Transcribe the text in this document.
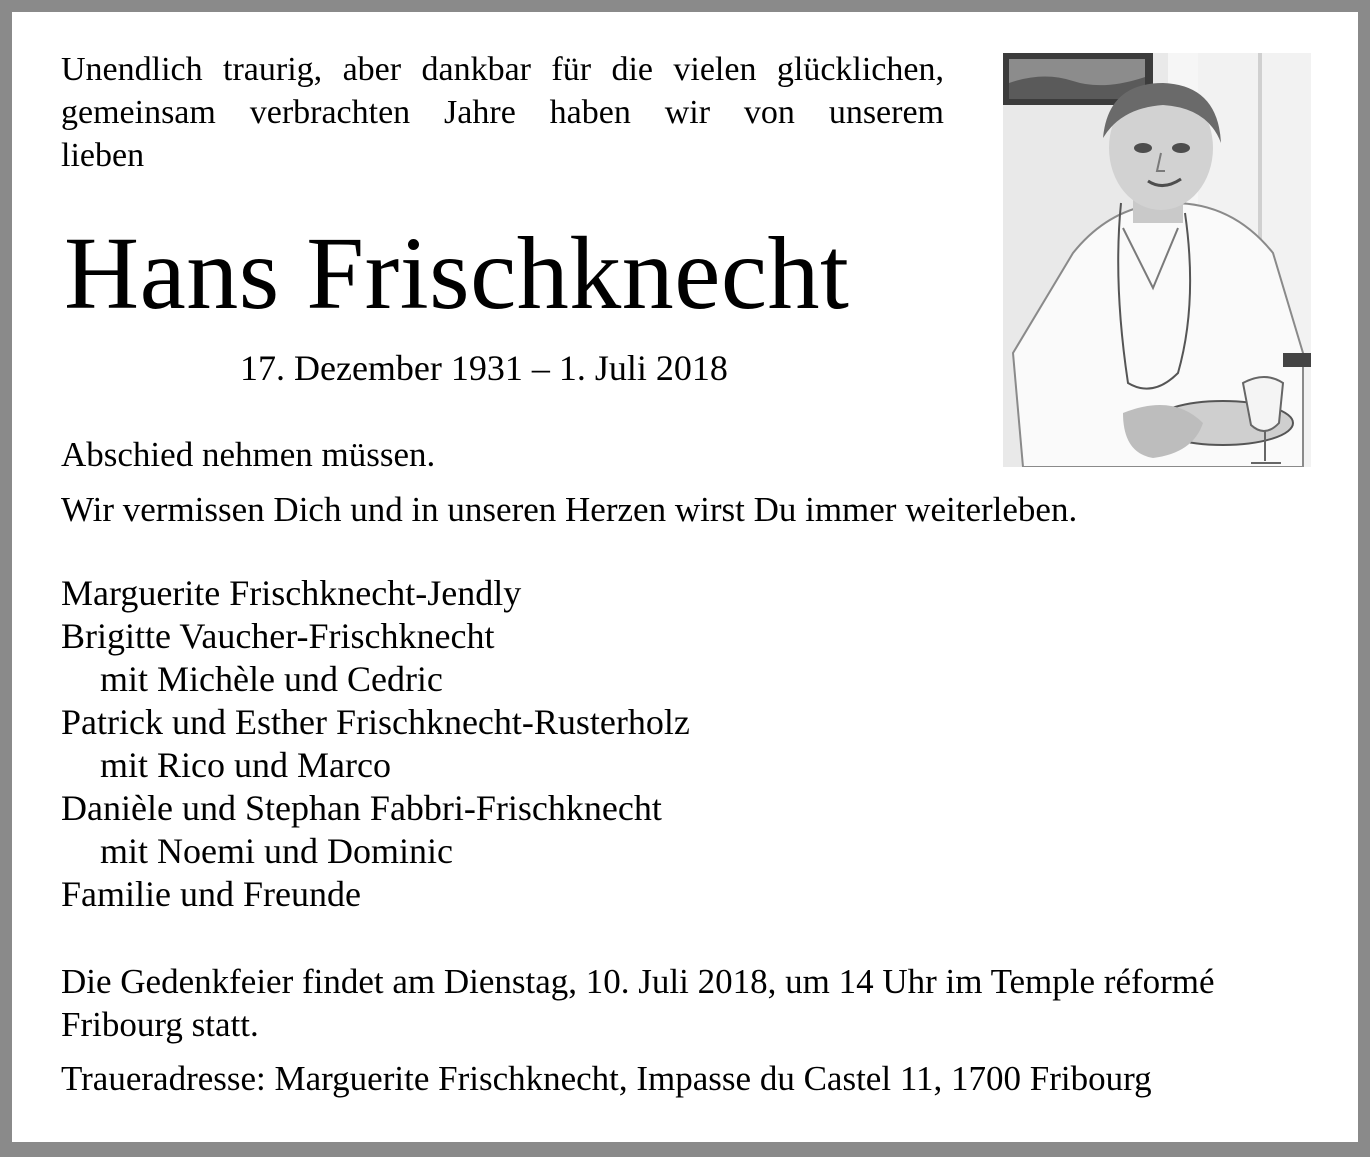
Unendlich traurig, aber dankbar für die vielen glücklichen,
gemeinsam verbrachten Jahre haben wir von unserem
lieben
Hans Frischknecht
17. Dezember 1931 – 1. Juli 2018
Abschied nehmen müssen.
Wir vermissen Dich und in unseren Herzen wirst Du immer weiterleben.
Marguerite Frischknecht-Jendly
Brigitte Vaucher-Frischknecht
mit Michèle und Cedric
Patrick und Esther Frischknecht-Rusterholz
mit Rico und Marco
Danièle und Stephan Fabbri-Frischknecht
mit Noemi und Dominic
Familie und Freunde
Die Gedenkfeier findet am Dienstag, 10. Juli 2018, um 14 Uhr im Temple réformé
Fribourg statt.
Traueradresse: Marguerite Frischknecht, Impasse du Castel 11, 1700 Fribourg
